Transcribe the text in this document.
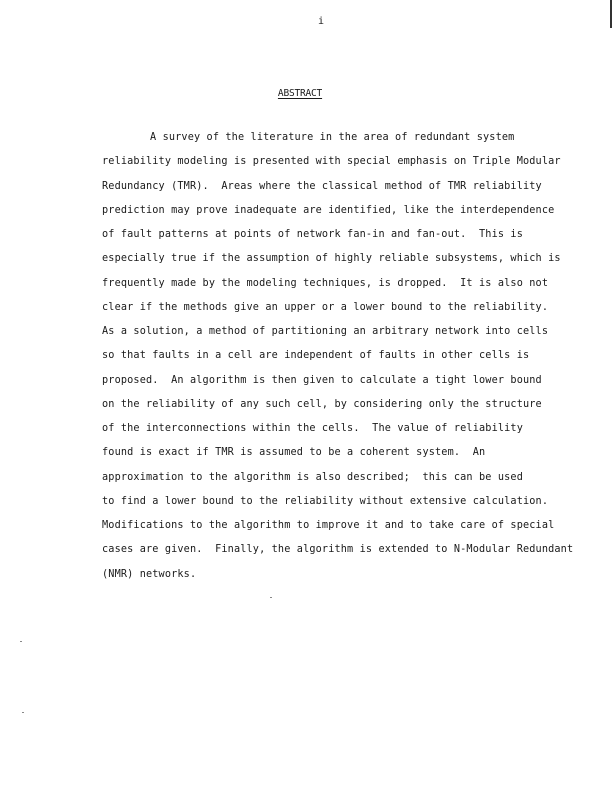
i
ABSTRACT
A survey of the literature in the area of redundant system
reliability modeling is presented with special emphasis on Triple Modular
Redundancy (TMR).  Areas where the classical method of TMR reliability
prediction may prove inadequate are identified, like the interdependence
of fault patterns at points of network fan-in and fan-out.  This is
especially true if the assumption of highly reliable subsystems, which is
frequently made by the modeling techniques, is dropped.  It is also not
clear if the methods give an upper or a lower bound to the reliability.
As a solution, a method of partitioning an arbitrary network into cells
so that faults in a cell are independent of faults in other cells is
proposed.  An algorithm is then given to calculate a tight lower bound
on the reliability of any such cell, by considering only the structure
of the interconnections within the cells.  The value of reliability
found is exact if TMR is assumed to be a coherent system.  An
approximation to the algorithm is also described;  this can be used
to find a lower bound to the reliability without extensive calculation.
Modifications to the algorithm to improve it and to take care of special
cases are given.  Finally, the algorithm is extended to N-Modular Redundant
(NMR) networks.
